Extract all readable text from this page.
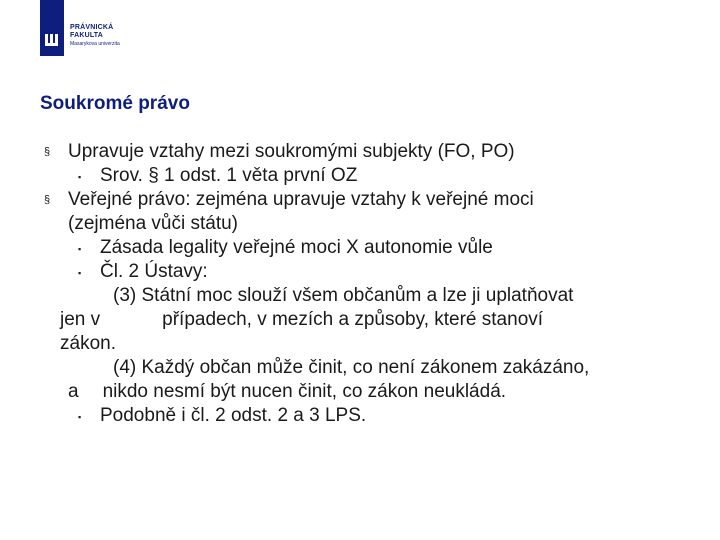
PRÁVNICKÁ
FAKULTA
Masarykova univerzita
Soukromé právo
§ Upravuje vztahy mezi soukromými subjekty (FO, PO)
▪ Srov. § 1 odst. 1 věta první OZ
§ Veřejné právo: zejména upravuje vztahy k veřejné moci
(zejména vůči státu)
▪ Zásada legality veřejné moci X autonomie vůle
▪ Čl. 2 Ústavy:
(3) Státní moc slouží všem občanům a lze ji uplatňovat
jen v	případech, v mezích a způsoby, které stanoví
zákon.
(4) Každý občan může činit, co není zákonem zakázáno,
a nikdo nesmí být nucen činit, co zákon neukládá.
▪ Podobně i čl. 2 odst. 2 a 3 LPS.
